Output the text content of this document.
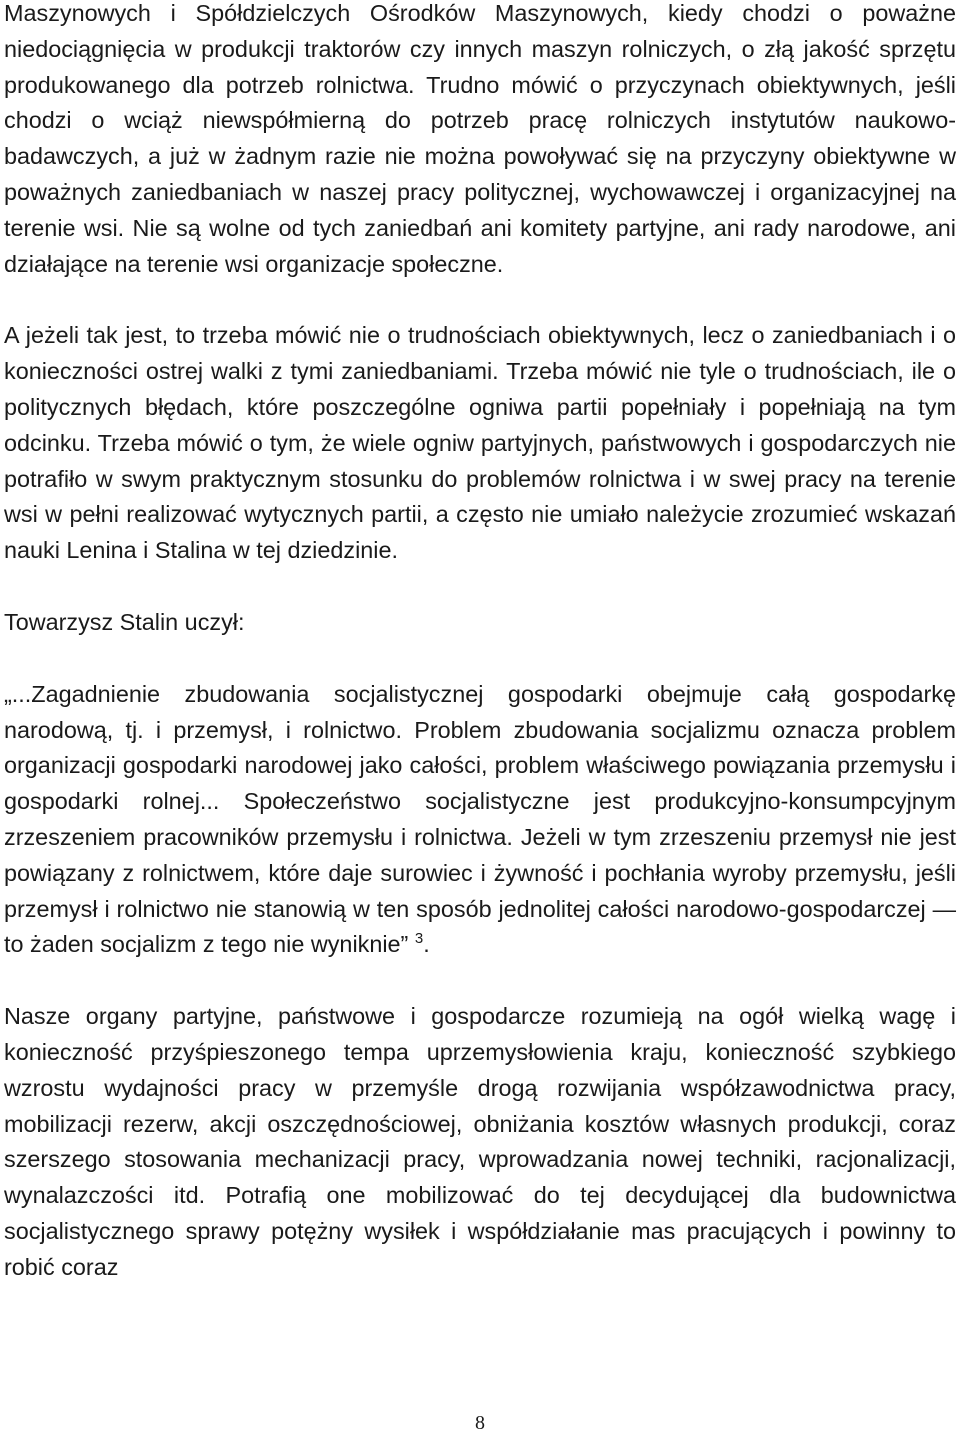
Maszynowych i Spółdzielczych Ośrodków Maszynowych, kiedy chodzi o poważne niedociągnięcia w produkcji traktorów czy innych maszyn rolniczych, o złą jakość sprzętu produkowanego dla potrzeb rolnictwa. Trudno mówić o przyczynach obiektywnych, jeśli chodzi o wciąż niewspółmierną do potrzeb pracę rolniczych instytutów naukowo-badawczych, a już w żadnym razie nie można powoływać się na przyczyny obiektywne w poważnych zaniedbaniach w naszej pracy politycznej, wychowawczej i organizacyjnej na terenie wsi. Nie są wolne od tych zaniedbań ani komitety partyjne, ani rady narodowe, ani działające na terenie wsi organizacje społeczne.

A jeżeli tak jest, to trzeba mówić nie o trudnościach obiektywnych, lecz o zaniedbaniach i o konieczności ostrej walki z tymi zaniedbaniami. Trzeba mówić nie tyle o trudnościach, ile o politycznych błędach, które poszczególne ogniwa partii popełniały i popełniają na tym odcinku. Trzeba mówić o tym, że wiele ogniw partyjnych, państwowych i gospodarczych nie potrafiło w swym praktycznym stosunku do problemów rolnictwa i w swej pracy na terenie wsi w pełni realizować wytycznych partii, a często nie umiało należycie zrozumieć wskazań nauki Lenina i Stalina w tej dziedzinie.

Towarzysz Stalin uczył:

„...Zagadnienie zbudowania socjalistycznej gospodarki obejmuje całą gospodarkę narodową, tj. i przemysł, i rolnictwo. Problem zbudowania socjalizmu oznacza problem organizacji gospodarki narodowej jako całości, problem właściwego powiązania przemysłu i gospodarki rolnej... Społeczeństwo socjalistyczne jest produkcyjno-konsumpcyjnym zrzeszeniem pracowników przemysłu i rolnictwa. Jeżeli w tym zrzeszeniu przemysł nie jest powiązany z rolnictwem, które daje surowiec i żywność i pochłania wyroby przemysłu, jeśli przemysł i rolnictwo nie stanowią w ten sposób jednolitej całości narodowo-gospodarczej — to żaden socjalizm z tego nie wyniknie” $^3$.

Nasze organy partyjne, państwowe i gospodarcze rozumieją na ogół wielką wagę i konieczność przyśpieszonego tempa uprzemysłowienia kraju, konieczność szybkiego wzrostu wydajności pracy w przemyśle drogą rozwijania współzawodnictwa pracy, mobilizacji rezerw, akcji oszczędnościowej, obniżania kosztów własnych produkcji, coraz szerszego stosowania mechanizacji pracy, wprowadzania nowej techniki, racjonalizacji, wynalazczości itd. Potrafią one mobilizować do tej decydującej dla budownictwa socjalistycznego sprawy potężny wysiłek i współdziałanie mas pracujących i powinny to robić coraz

8
